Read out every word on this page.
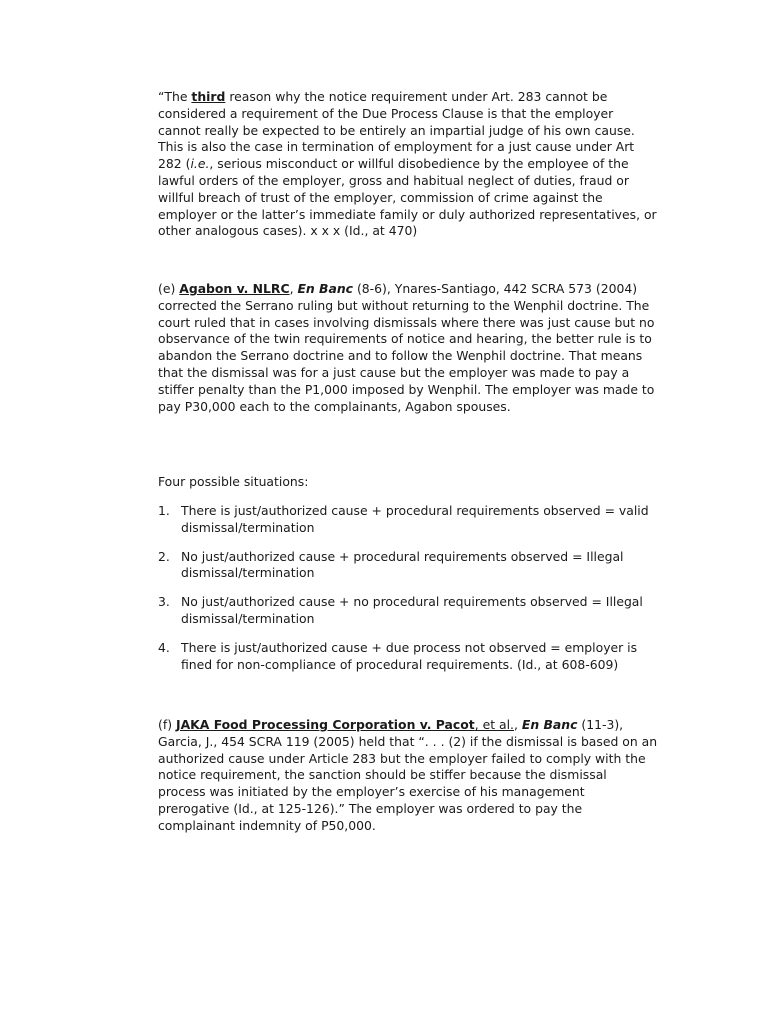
“The third reason why the notice requirement under Art. 283 cannot be considered a requirement of the Due Process Clause is that the employer cannot really be expected to be entirely an impartial judge of his own cause. This is also the case in termination of employment for a just cause under Art 282 (i.e., serious misconduct or willful disobedience by the employee of the lawful orders of the employer, gross and habitual neglect of duties, fraud or willful breach of trust of the employer, commission of crime against the employer or the latter’s immediate family or duly authorized representatives, or other analogous cases). x x x (Id., at 470)

(e) Agabon v. NLRC, En Banc (8-6), Ynares-Santiago, 442 SCRA 573 (2004) corrected the Serrano ruling but without returning to the Wenphil doctrine. The court ruled that in cases involving dismissals where there was just cause but no observance of the twin requirements of notice and hearing, the better rule is to abandon the Serrano doctrine and to follow the Wenphil doctrine. That means that the dismissal was for a just cause but the employer was made to pay a stiffer penalty than the P1,000 imposed by Wenphil. The employer was made to pay P30,000 each to the complainants, Agabon spouses.

Four possible situations:

1. There is just/authorized cause + procedural requirements observed = valid dismissal/termination
2. No just/authorized cause + procedural requirements observed = Illegal dismissal/termination
3. No just/authorized cause + no procedural requirements observed = Illegal dismissal/termination
4. There is just/authorized cause + due process not observed = employer is fined for non-compliance of procedural requirements. (Id., at 608-609)

(f) JAKA Food Processing Corporation v. Pacot, et al., En Banc (11-3), Garcia, J., 454 SCRA 119 (2005) held that “. . . (2) if the dismissal is based on an authorized cause under Article 283 but the employer failed to comply with the notice requirement, the sanction should be stiffer because the dismissal process was initiated by the employer’s exercise of his management prerogative (Id., at 125-126).” The employer was ordered to pay the complainant indemnity of P50,000.
